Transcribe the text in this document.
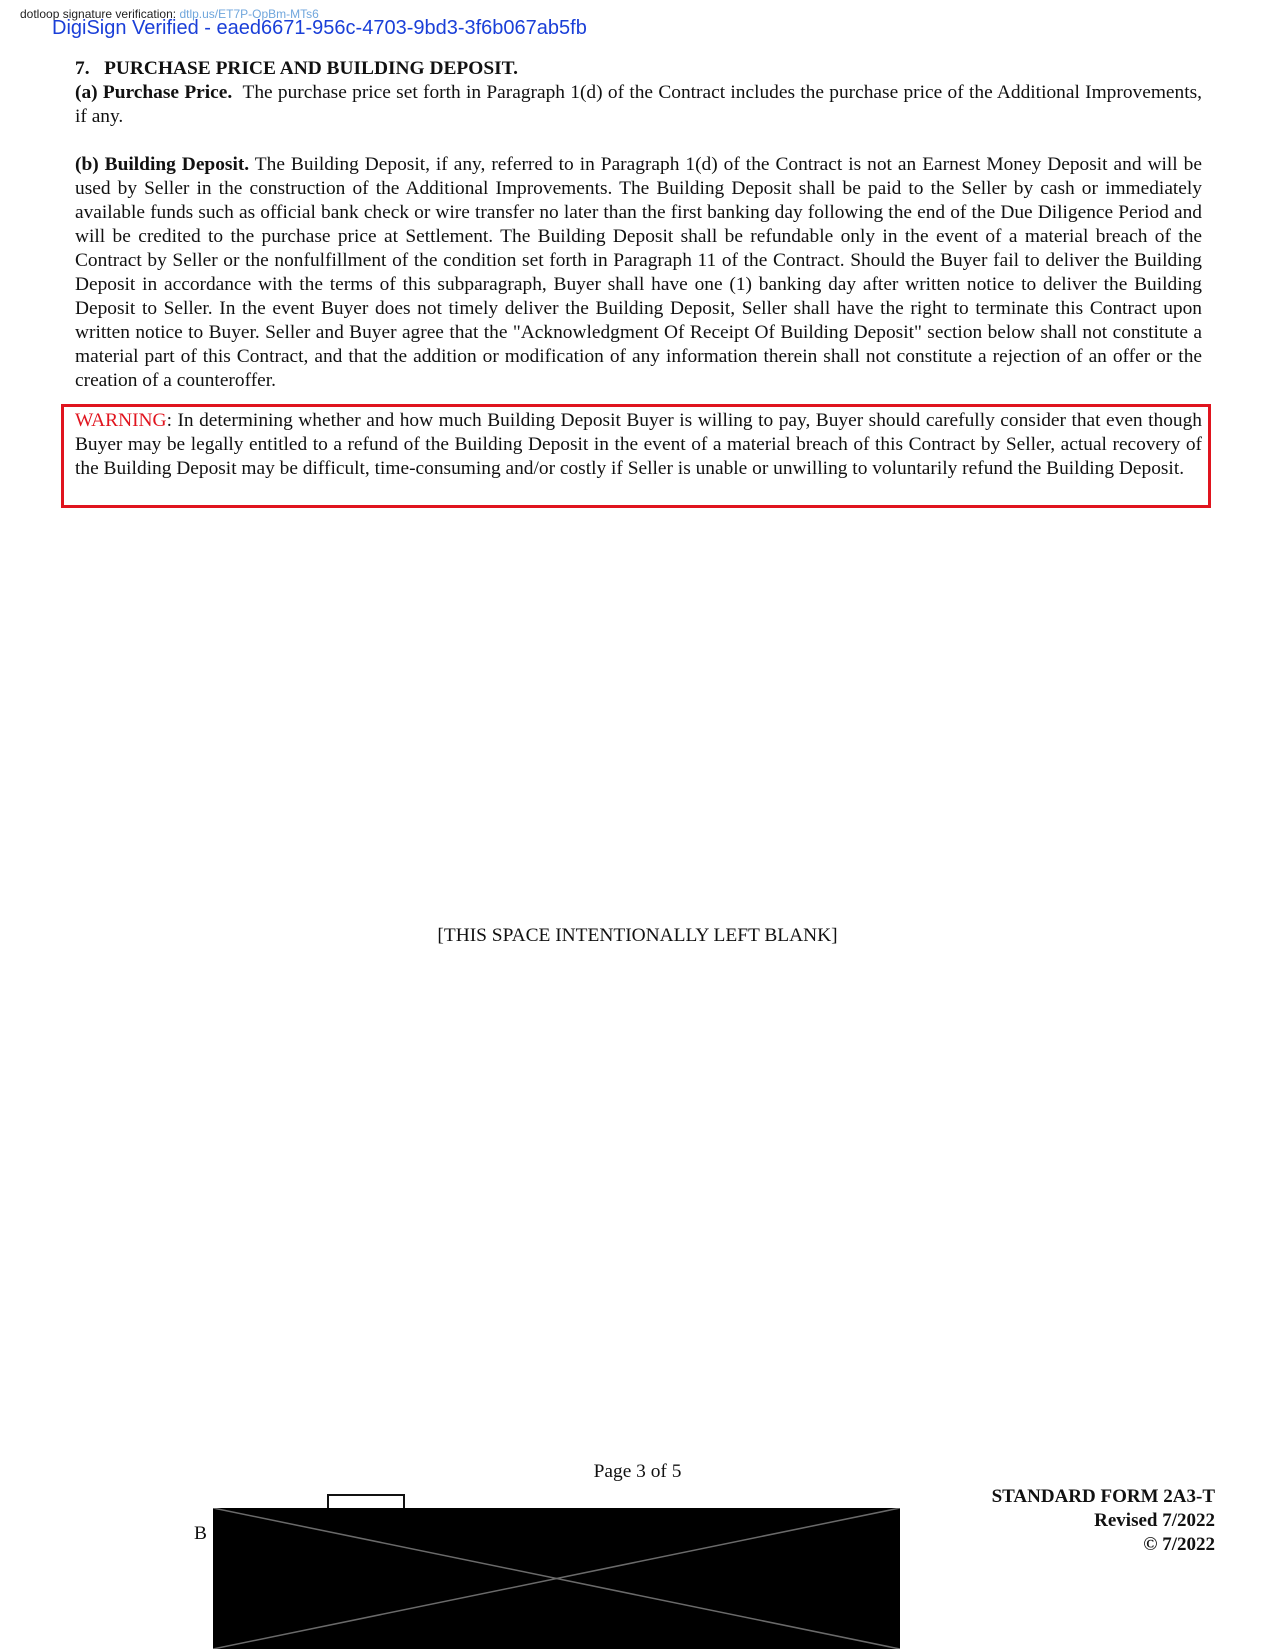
dotloop signature verification: dtlp.us/ET7P-OpBm-MTs6
DigiSign Verified - eaed6671-956c-4703-9bd3-3f6b067ab5fb

7.   PURCHASE PRICE AND BUILDING DEPOSIT.

(a) Purchase Price.  The purchase price set forth in Paragraph 1(d) of the Contract includes the purchase price of the Additional Improvements, if any.

(b) Building Deposit. The Building Deposit, if any, referred to in Paragraph 1(d) of the Contract is not an Earnest Money Deposit and will be used by Seller in the construction of the Additional Improvements. The Building Deposit shall be paid to the Seller by cash or immediately available funds such as official bank check or wire transfer no later than the first banking day following the end of the Due Diligence Period and will be credited to the purchase price at Settlement. The Building Deposit shall be refundable only in the event of a material breach of the Contract by Seller or the nonfulfillment of the condition set forth in Paragraph 11 of the Contract. Should the Buyer fail to deliver the Building Deposit in accordance with the terms of this subparagraph, Buyer shall have one (1) banking day after written notice to deliver the Building Deposit to Seller. In the event Buyer does not timely deliver the Building Deposit, Seller shall have the right to terminate this Contract upon written notice to Buyer. Seller and Buyer agree that the "Acknowledgment Of Receipt Of Building Deposit" section below shall not constitute a material part of this Contract, and that the addition or modification of any information therein shall not constitute a rejection of an offer or the creation of a counteroffer.

WARNING: In determining whether and how much Building Deposit Buyer is willing to pay, Buyer should carefully consider that even though Buyer may be legally entitled to a refund of the Building Deposit in the event of a material breach of this Contract by Seller, actual recovery of the Building Deposit may be difficult, time-consuming and/or costly if Seller is unable or unwilling to voluntarily refund the Building Deposit.

[THIS SPACE INTENTIONALLY LEFT BLANK]
Page 3 of 5
STANDARD FORM 2A3-T
Revised 7/2022
© 7/2022
B
